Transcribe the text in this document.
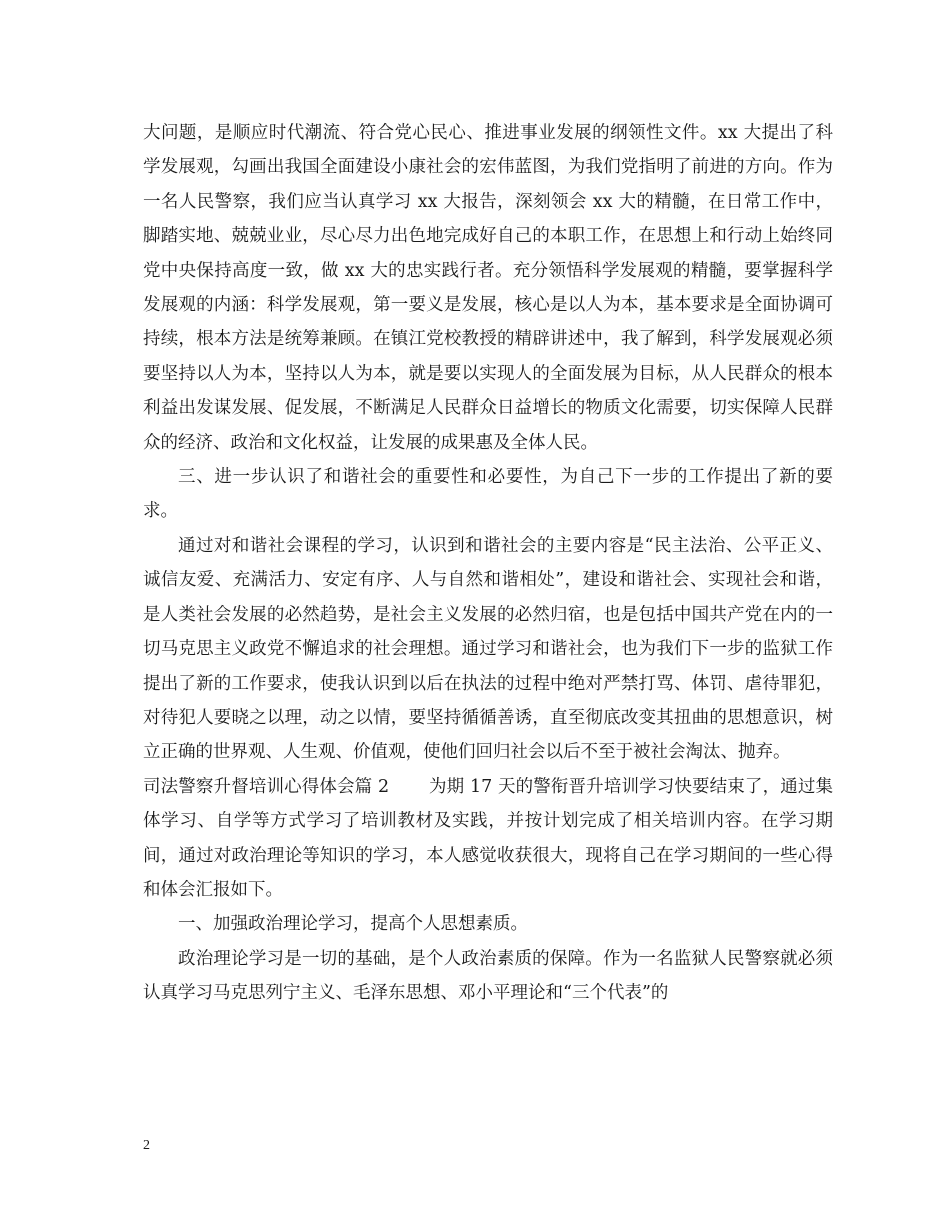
大问题，是顺应时代潮流、符合党心民心、推进事业发展的纲领性文件。xx 大提出了科学发展观，勾画出我国全面建设小康社会的宏伟蓝图，为我们党指明了前进的方向。作为一名人民警察，我们应当认真学习 xx 大报告，深刻领会 xx 大的精髓，在日常工作中，脚踏实地、兢兢业业，尽心尽力出色地完成好自己的本职工作，在思想上和行动上始终同党中央保持高度一致，做 xx 大的忠实践行者。充分领悟科学发展观的精髓，要掌握科学发展观的内涵：科学发展观，第一要义是发展，核心是以人为本，基本要求是全面协调可持续，根本方法是统筹兼顾。在镇江党校教授的精辟讲述中，我了解到，科学发展观必须要坚持以人为本，坚持以人为本，就是要以实现人的全面发展为目标，从人民群众的根本利益出发谋发展、促发展，不断满足人民群众日益增长的物质文化需要，切实保障人民群众的经济、政治和文化权益，让发展的成果惠及全体人民。

三、进一步认识了和谐社会的重要性和必要性，为自己下一步的工作提出了新的要求。

通过对和谐社会课程的学习，认识到和谐社会的主要内容是“民主法治、公平正义、诚信友爱、充满活力、安定有序、人与自然和谐相处”，建设和谐社会、实现社会和谐，是人类社会发展的必然趋势，是社会主义发展的必然归宿，也是包括中国共产党在内的一切马克思主义政党不懈追求的社会理想。通过学习和谐社会，也为我们下一步的监狱工作提出了新的工作要求，使我认识到以后在执法的过程中绝对严禁打骂、体罚、虐待罪犯，对待犯人要晓之以理，动之以情，要坚持循循善诱，直至彻底改变其扭曲的思想意识，树立正确的世界观、人生观、价值观，使他们回归社会以后不至于被社会淘汰、抛弃。

司法警察升督培训心得体会篇 2 为期 17 天的警衔晋升培训学习快要结束了，通过集体学习、自学等方式学习了培训教材及实践，并按计划完成了相关培训内容。在学习期间，通过对政治理论等知识的学习，本人感觉收获很大，现将自己在学习期间的一些心得和体会汇报如下。

一、加强政治理论学习，提高个人思想素质。

政治理论学习是一切的基础，是个人政治素质的保障。作为一名监狱人民警察就必须认真学习马克思列宁主义、毛泽东思想、邓小平理论和“三个代表”的

2
